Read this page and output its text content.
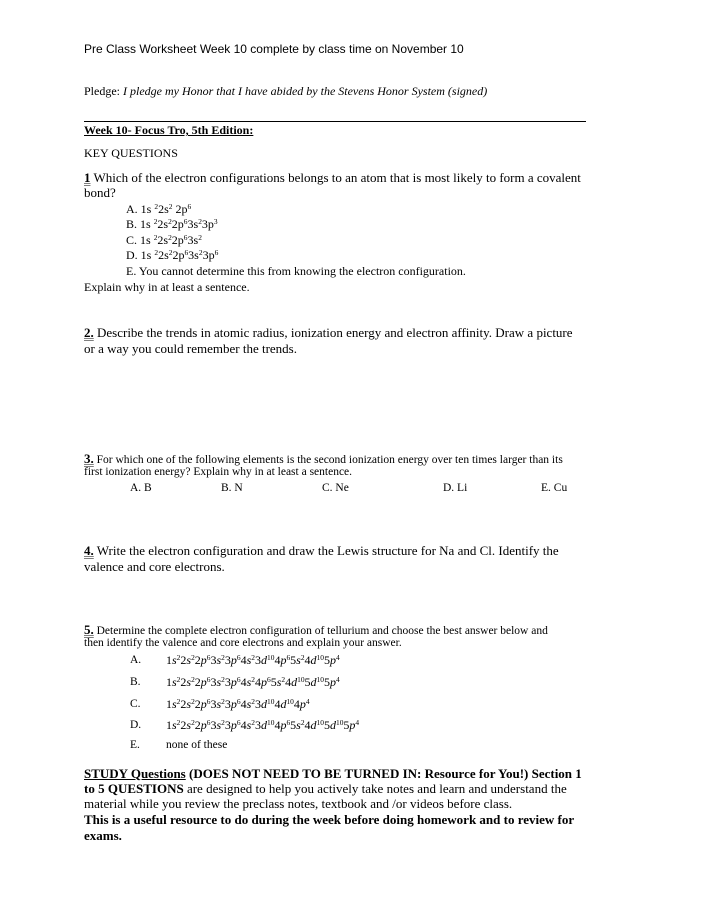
Pre Class Worksheet Week 10 complete by class time on November 10
Pledge: I pledge my Honor that I have abided by the Stevens Honor System (signed)
Week 10- Focus Tro, 5th Edition:
KEY QUESTIONS
1 Which of the electron configurations belongs to an atom that is most likely to form a covalent
bond?
A. 1s $^22s^2$ $2p^6$
B. 1s $^22s^22p^63s^23p^3$
C. 1s $^22s^22p^63s^2$
D. 1s $^22s^22p^63s^23p^6$
E. You cannot determine this from knowing the electron configuration.
Explain why in at least a sentence.
2. Describe the trends in atomic radius, ionization energy and electron affinity. Draw a picture
or a way you could remember the trends.
3. For which one of the following elements is the second ionization energy over ten times larger than its
first ionization energy? Explain why in at least a sentence.
A. B	B. N	C. Ne	D. Li	E. Cu
4. Write the electron configuration and draw the Lewis structure for Na and Cl. Identify the
valence and core electrons.
5. Determine the complete electron configuration of tellurium and choose the best answer below and
then identify the valence and core electrons and explain your answer.
A. $1s^22s^22p^63s^23p^64s^23d^{10}4p^65s^24d^{10}5p^4$
B. $1s^22s^22p^63s^23p^64s^24p^65s^24d^{10}5d^{10}5p^4$
C. $1s^22s^22p^63s^23p^64s^23d^{10}4d^{10}4p^4$
D. $1s^22s^22p^63s^23p^64s^23d^{10}4p^65s^24d^{10}5d^{10}5p^4$
E. none of these
STUDY Questions (DOES NOT NEED TO BE TURNED IN: Resource for You!) Section 1
to 5 QUESTIONS are designed to help you actively take notes and learn and understand the
material while you review the preclass notes, textbook and /or videos before class.
This is a useful resource to do during the week before doing homework and to review for
exams.
